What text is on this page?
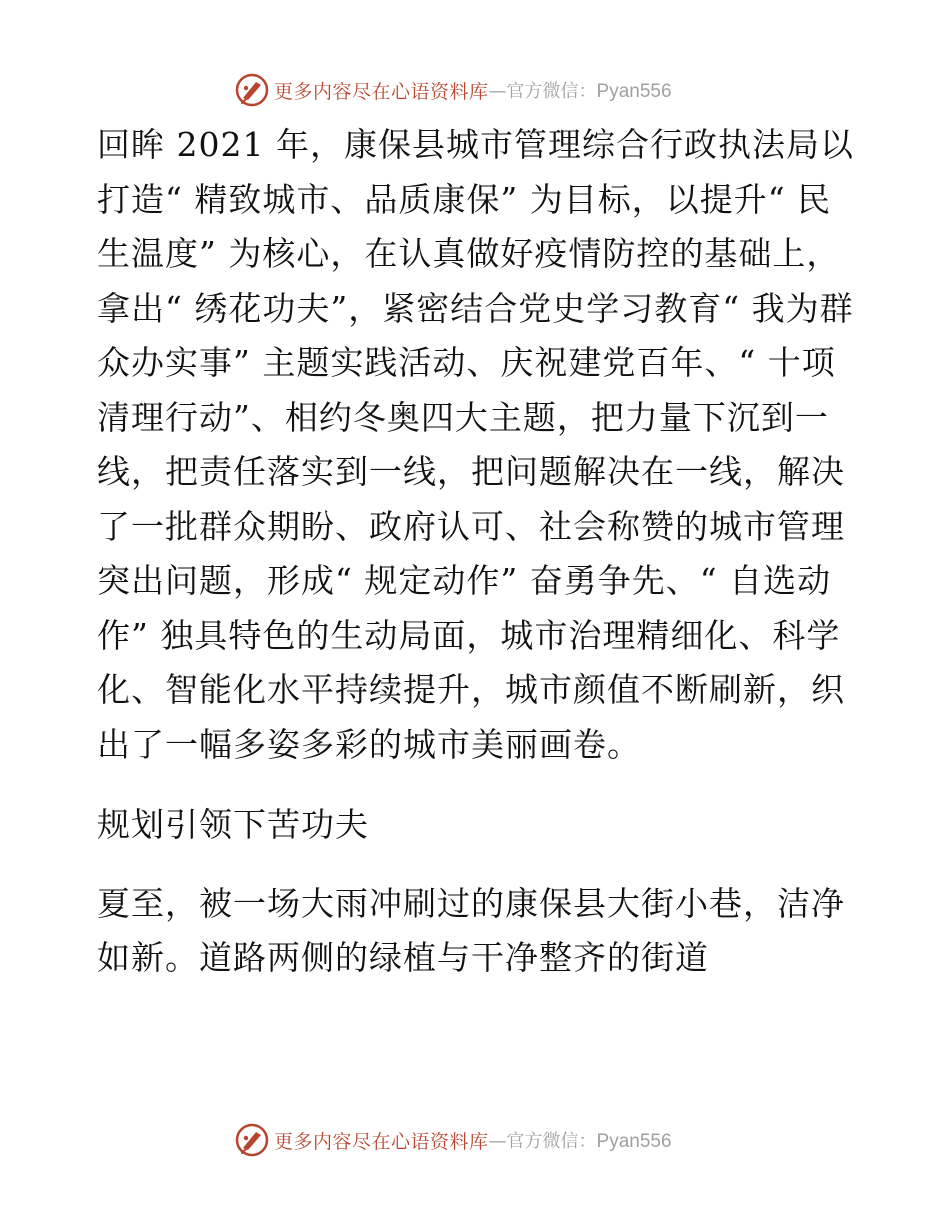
更多内容尽在心语资料库 —官方微信：Pyan556

回眸 2021 年，康保县城市管理综合行政执法局以打造“ 精致城市、品质康保” 为目标，以提升“ 民生温度” 为核心，在认真做好疫情防控的基础上，拿出“ 绣花功夫”，紧密结合党史学习教育“ 我为群众办实事” 主题实践活动、庆祝建党百年、“ 十项清理行动”、相约冬奥四大主题，把力量下沉到一线，把责任落实到一线，把问题解决在一线，解决了一批群众期盼、政府认可、社会称赞的城市管理突出问题，形成“ 规定动作” 奋勇争先、“ 自选动作” 独具特色的生动局面，城市治理精细化、科学化、智能化水平持续提升，城市颜值不断刷新，织出了一幅多姿多彩的城市美丽画卷。

规划引领下苦功夫

夏至，被一场大雨冲刷过的康保县大街小巷，洁净如新。道路两侧的绿植与干净整齐的街道

更多内容尽在心语资料库 —官方微信：Pyan556
